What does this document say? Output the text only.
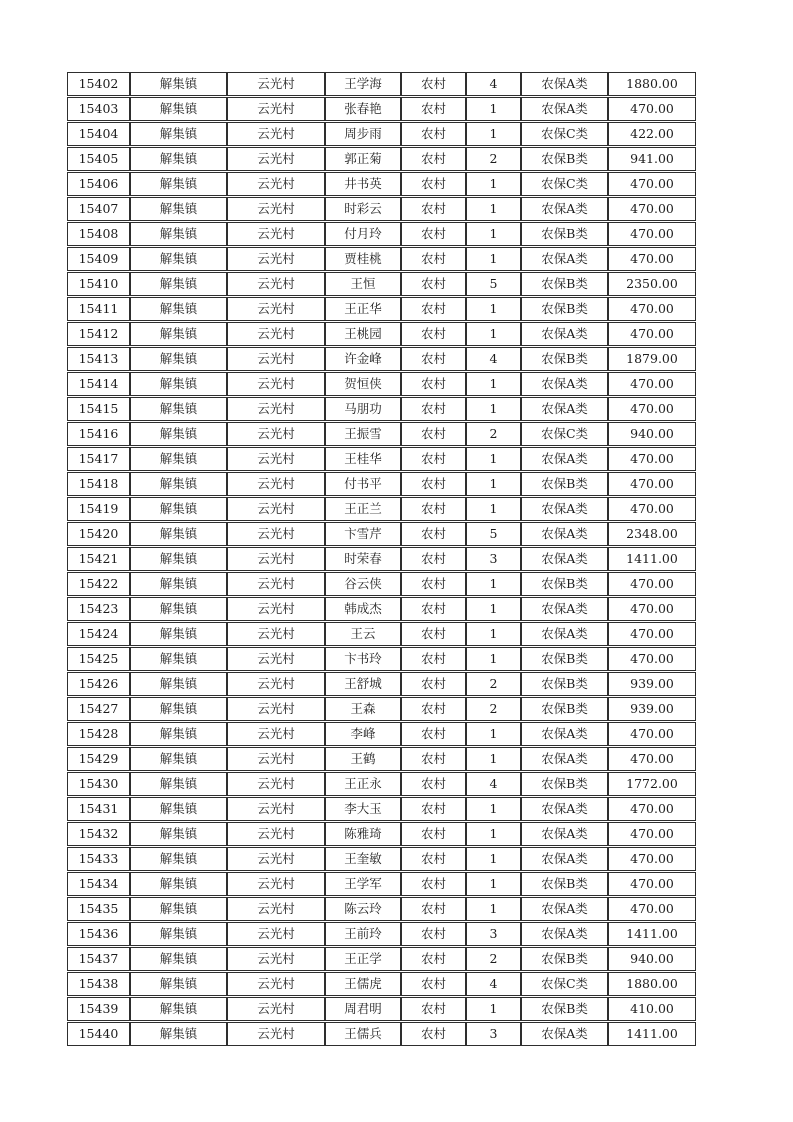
15402	解集镇	云光村	王学海	农村	4	农保A类	1880.00
15403	解集镇	云光村	张春艳	农村	1	农保A类	470.00
15404	解集镇	云光村	周步雨	农村	1	农保C类	422.00
15405	解集镇	云光村	郭正菊	农村	2	农保B类	941.00
15406	解集镇	云光村	井书英	农村	1	农保C类	470.00
15407	解集镇	云光村	时彩云	农村	1	农保A类	470.00
15408	解集镇	云光村	付月玲	农村	1	农保B类	470.00
15409	解集镇	云光村	贾桂桃	农村	1	农保A类	470.00
15410	解集镇	云光村	王恒	农村	5	农保B类	2350.00
15411	解集镇	云光村	王正华	农村	1	农保B类	470.00
15412	解集镇	云光村	王桃园	农村	1	农保A类	470.00
15413	解集镇	云光村	许金峰	农村	4	农保B类	1879.00
15414	解集镇	云光村	贺恒侠	农村	1	农保A类	470.00
15415	解集镇	云光村	马朋功	农村	1	农保A类	470.00
15416	解集镇	云光村	王振雪	农村	2	农保C类	940.00
15417	解集镇	云光村	王桂华	农村	1	农保A类	470.00
15418	解集镇	云光村	付书平	农村	1	农保B类	470.00
15419	解集镇	云光村	王正兰	农村	1	农保A类	470.00
15420	解集镇	云光村	卞雪芹	农村	5	农保A类	2348.00
15421	解集镇	云光村	时荣春	农村	3	农保A类	1411.00
15422	解集镇	云光村	谷云侠	农村	1	农保B类	470.00
15423	解集镇	云光村	韩成杰	农村	1	农保A类	470.00
15424	解集镇	云光村	王云	农村	1	农保A类	470.00
15425	解集镇	云光村	卞书玲	农村	1	农保B类	470.00
15426	解集镇	云光村	王舒城	农村	2	农保B类	939.00
15427	解集镇	云光村	王森	农村	2	农保B类	939.00
15428	解集镇	云光村	李峰	农村	1	农保A类	470.00
15429	解集镇	云光村	王鹤	农村	1	农保A类	470.00
15430	解集镇	云光村	王正永	农村	4	农保B类	1772.00
15431	解集镇	云光村	李大玉	农村	1	农保A类	470.00
15432	解集镇	云光村	陈雅琦	农村	1	农保A类	470.00
15433	解集镇	云光村	王奎敏	农村	1	农保A类	470.00
15434	解集镇	云光村	王学军	农村	1	农保B类	470.00
15435	解集镇	云光村	陈云玲	农村	1	农保A类	470.00
15436	解集镇	云光村	王前玲	农村	3	农保A类	1411.00
15437	解集镇	云光村	王正学	农村	2	农保B类	940.00
15438	解集镇	云光村	王儒虎	农村	4	农保C类	1880.00
15439	解集镇	云光村	周君明	农村	1	农保B类	410.00
15440	解集镇	云光村	王儒兵	农村	3	农保A类	1411.00
